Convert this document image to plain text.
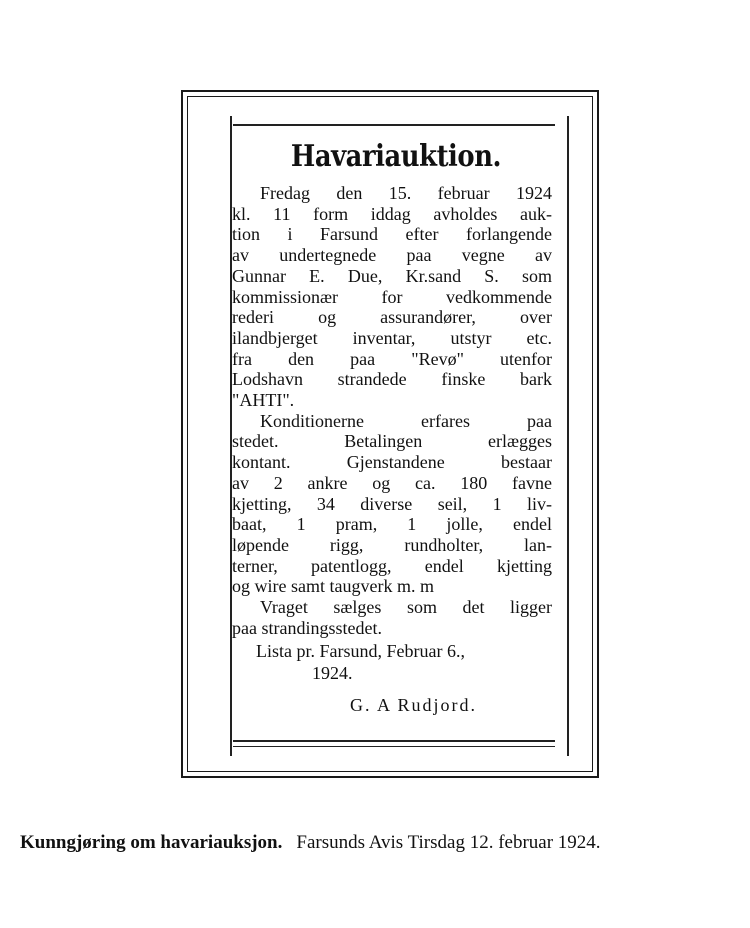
Havariauktion.
Fredag den 15. februar 1924
kl. 11 form iddag avholdes auk-
tion i Farsund efter forlangende
av undertegnede paa vegne av
Gunnar E. Due, Kr.sand S. som
kommissionær for vedkommende
rederi og assurandører, over
ilandbjerget inventar, utstyr etc.
fra den paa "Revø" utenfor
Lodshavn strandede finske bark
"AHTI".
Konditionerne erfares paa
stedet. Betalingen erlægges
kontant. Gjenstandene bestaar
av 2 ankre og ca. 180 favne
kjetting, 34 diverse seil, 1 liv-
baat, 1 pram, 1 jolle, endel
løpende rigg, rundholter, lan-
terner, patentlogg, endel kjetting
og wire samt taugverk m. m
Vraget sælges som det ligger
paa strandingsstedet.
Lista pr. Farsund, Februar 6.,
1924.
G. A Rudjord.
Kunngjøring om havariauksjon. Farsunds Avis Tirsdag 12. februar 1924.
